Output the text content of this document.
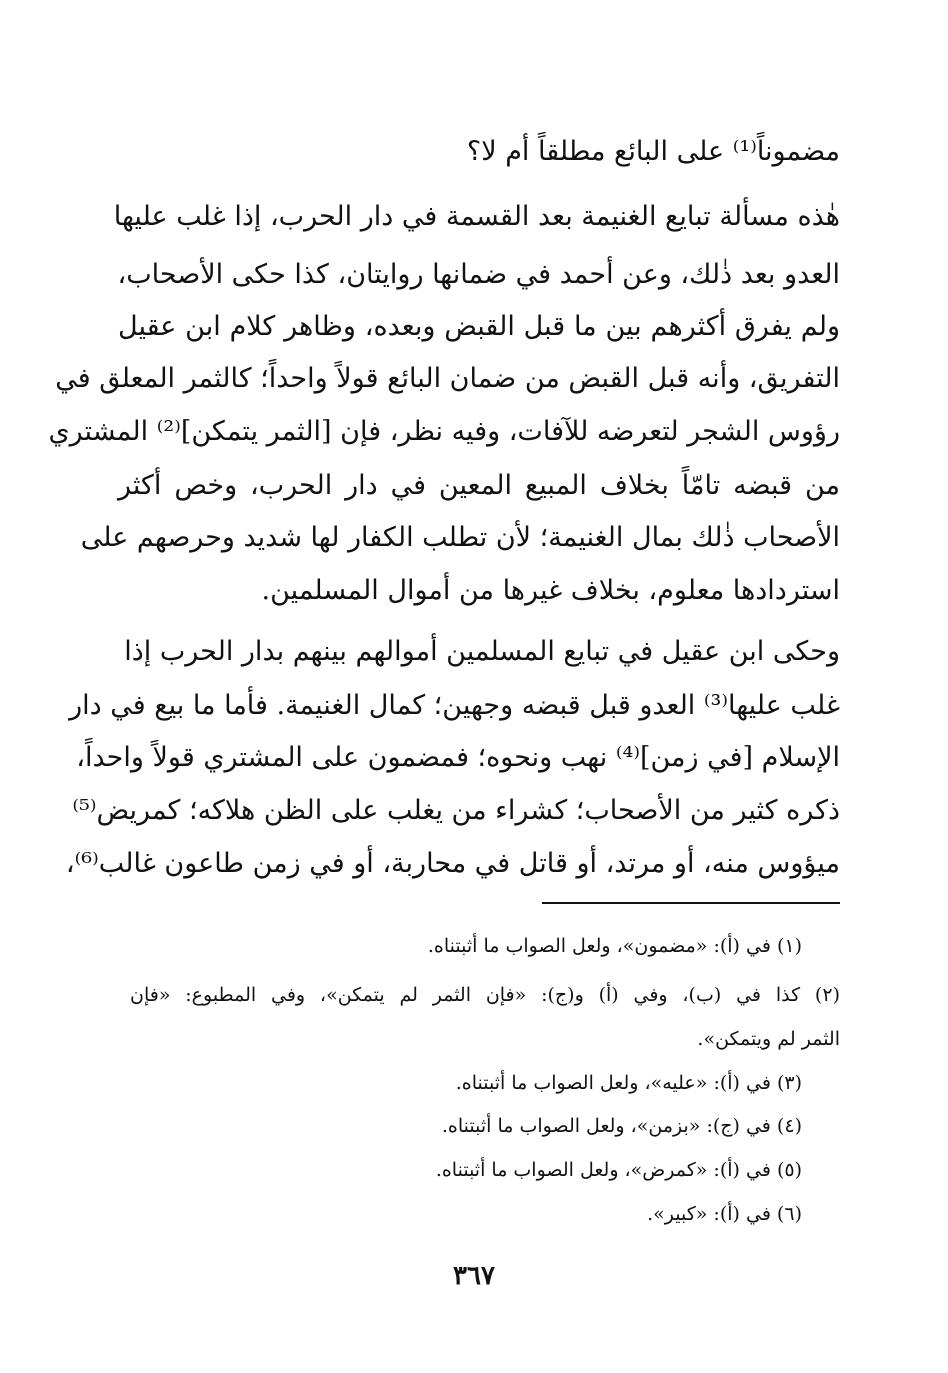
مضموناً⁽¹⁾ على البائع مطلقاً أم لا؟
هٰذه مسألة تبايع الغنيمة بعد القسمة في دار الحرب، إذا غلب عليها
العدو بعد ذٰلك، وعن أحمد في ضمانها روايتان، كذا حكى الأصحاب،
ولم يفرق أكثرهم بين ما قبل القبض وبعده، وظاهر كلام ابن عقيل
التفريق، وأنه قبل القبض من ضمان البائع قولاً واحداً؛ كالثمر المعلق في
رؤوس الشجر لتعرضه للآفات، وفيه نظر، فإن [الثمر يتمكن]⁽²⁾ المشتري
من قبضه تامّاً بخلاف المبيع المعين في دار الحرب، وخص أكثر
الأصحاب ذٰلك بمال الغنيمة؛ لأن تطلب الكفار لها شديد وحرصهم على
استردادها معلوم، بخلاف غيرها من أموال المسلمين.
وحكى ابن عقيل في تبايع المسلمين أموالهم بينهم بدار الحرب إذا
غلب عليها⁽³⁾ العدو قبل قبضه وجهين؛ كمال الغنيمة. فأما ما بيع في دار
الإسلام [في زمن]⁽⁴⁾ نهب ونحوه؛ فمضمون على المشتري قولاً واحداً،
ذكره كثير من الأصحاب؛ كشراء من يغلب على الظن هلاكه؛ كمريض⁽⁵⁾
ميؤوس منه، أو مرتد، أو قاتل في محاربة، أو في زمن طاعون غالب⁽⁶⁾،
(١) في (أ): «مضمون»، ولعل الصواب ما أثبتناه.
(٢) كذا في (ب)، وفي (أ) و(ج): «فإن الثمر لم يتمكن»، وفي المطبوع: «فإن
الثمر لم ويتمكن».
(٣) في (أ): «عليه»، ولعل الصواب ما أثبتناه.
(٤) في (ج): «بزمن»، ولعل الصواب ما أثبتناه.
(٥) في (أ): «كمرض»، ولعل الصواب ما أثبتناه.
(٦) في (أ): «كبير».
٣٦٧
